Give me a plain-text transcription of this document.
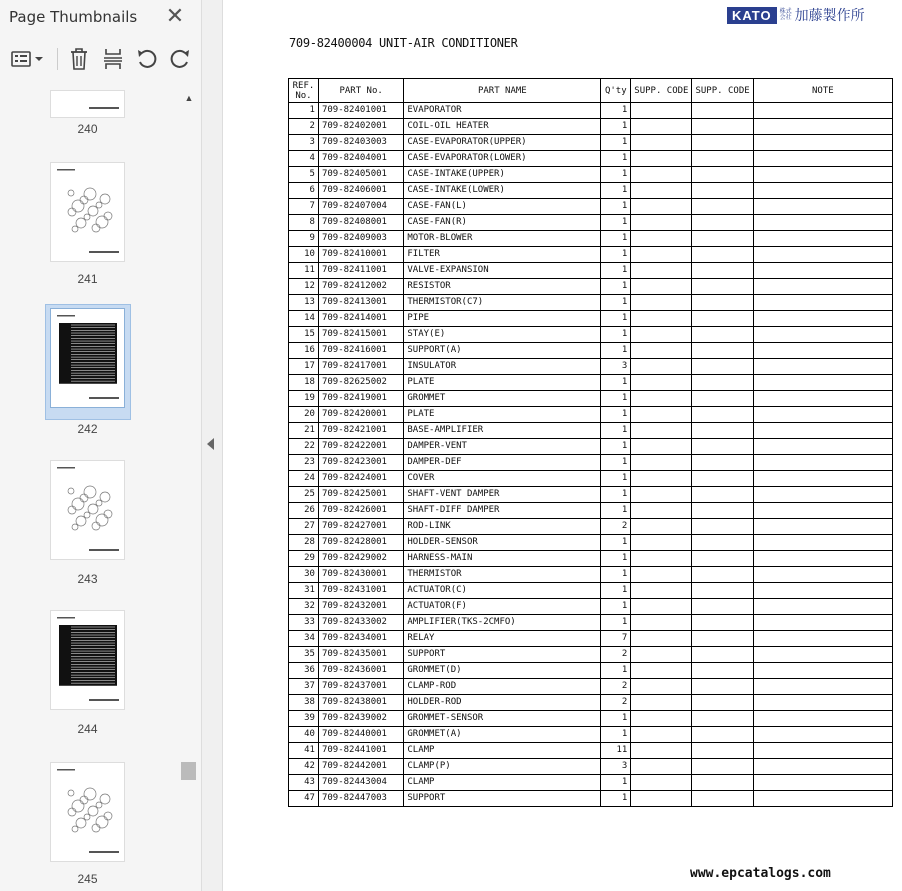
Page Thumbnails ✕
240
241
242
243
244
245
▲
KATO	株式 会社 加藤製作所
709-82400004 UNIT-AIR CONDITIONER
REF.
No.	PART No.	PART NAME	Q'ty	SUPP. CODE	SUPP. CODE	NOTE
1	709-82401001	EVAPORATOR	1			
2	709-82402001	COIL-OIL HEATER	1			
3	709-82403003	CASE-EVAPORATOR(UPPER)	1			
4	709-82404001	CASE-EVAPORATOR(LOWER)	1			
5	709-82405001	CASE-INTAKE(UPPER)	1			
6	709-82406001	CASE-INTAKE(LOWER)	1			
7	709-82407004	CASE-FAN(L)	1			
8	709-82408001	CASE-FAN(R)	1			
9	709-82409003	MOTOR-BLOWER	1			
10	709-82410001	FILTER	1			
11	709-82411001	VALVE-EXPANSION	1			
12	709-82412002	RESISTOR	1			
13	709-82413001	THERMISTOR(C7)	1			
14	709-82414001	PIPE	1			
15	709-82415001	STAY(E)	1			
16	709-82416001	SUPPORT(A)	1			
17	709-82417001	INSULATOR	3			
18	709-82625002	PLATE	1			
19	709-82419001	GROMMET	1			
20	709-82420001	PLATE	1			
21	709-82421001	BASE-AMPLIFIER	1			
22	709-82422001	DAMPER-VENT	1			
23	709-82423001	DAMPER-DEF	1			
24	709-82424001	COVER	1			
25	709-82425001	SHAFT-VENT DAMPER	1			
26	709-82426001	SHAFT-DIFF DAMPER	1			
27	709-82427001	ROD-LINK	2			
28	709-82428001	HOLDER-SENSOR	1			
29	709-82429002	HARNESS-MAIN	1			
30	709-82430001	THERMISTOR	1			
31	709-82431001	ACTUATOR(C)	1			
32	709-82432001	ACTUATOR(F)	1			
33	709-82433002	AMPLIFIER(TKS-2CMFO)	1			
34	709-82434001	RELAY	7			
35	709-82435001	SUPPORT	2			
36	709-82436001	GROMMET(D)	1			
37	709-82437001	CLAMP-ROD	2			
38	709-82438001	HOLDER-ROD	2			
39	709-82439002	GROMMET-SENSOR	1			
40	709-82440001	GROMMET(A)	1			
41	709-82441001	CLAMP	11			
42	709-82442001	CLAMP(P)	3			
43	709-82443004	CLAMP	1			
47	709-82447003	SUPPORT	1			
www.epcatalogs.com
